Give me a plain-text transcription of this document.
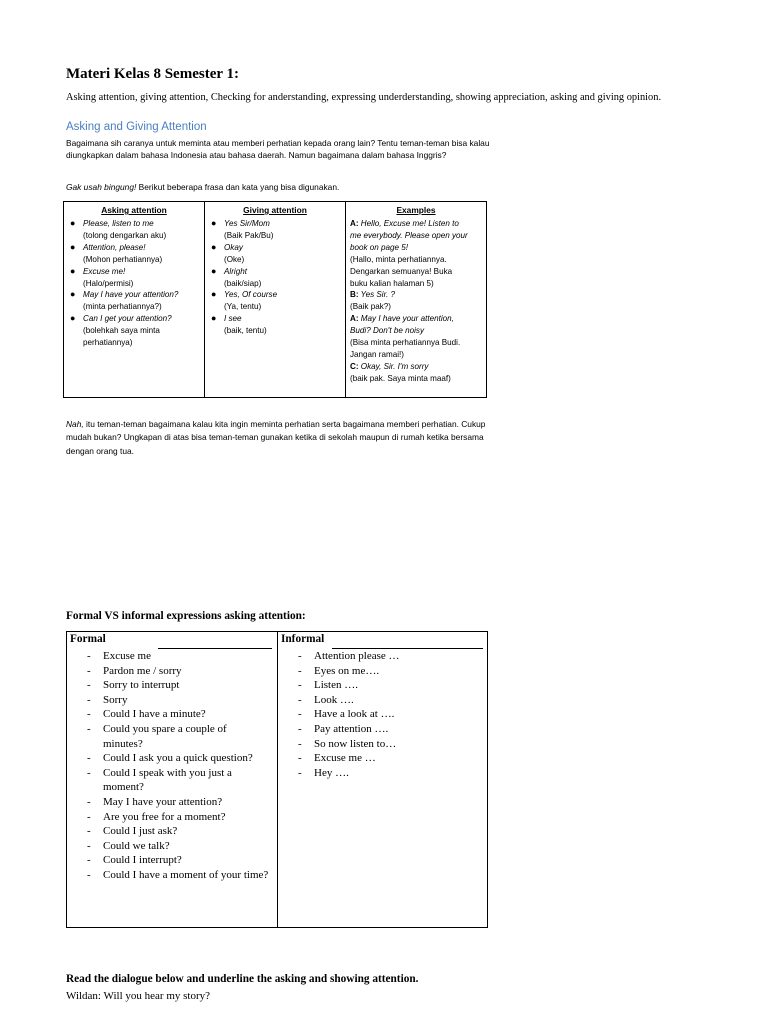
Materi Kelas 8 Semester 1:
Asking attention, giving attention, Checking for anderstanding, expressing underderstanding, showing appreciation, asking and giving opinion.
Asking and Giving Attention
Bagaimana sih caranya untuk meminta atau memberi perhatian kepada orang lain? Tentu teman-teman bisa kalau diungkapkan dalam bahasa Indonesia atau bahasa daerah. Namun bagaimana dalam bahasa Inggris?
Gak usah bingung! Berikut beberapa frasa dan kata yang bisa digunakan.
Asking attention
● Please, listen to me
(tolong dengarkan aku)
● Attention, please!
(Mohon perhatiannya)
● Excuse me!
(Halo/permisi)
● May I have your attention?
(minta perhatiannya?)
● Can I get your attention?
(bolehkah saya minta perhatiannya)
Giving attention
● Yes Sir/Mom
(Baik Pak/Bu)
● Okay
(Oke)
● Alright
(baik/siap)
● Yes, Of course
(Ya, tentu)
● I see
(baik, tentu)
Examples
A: Hello, Excuse me! Listen to
me everybody. Please open your
book on page 5!
(Hallo, minta perhatiannya.
Dengarkan semuanya! Buka
buku kalian halaman 5)
B: Yes Sir. ?
(Baik pak?)
A: May I have your attention,
Budi? Don't be noisy
(Bisa minta perhatiannya Budi.
Jangan ramai!)
C: Okay, Sir. I'm sorry
(baik pak. Saya minta maaf)
Nah, itu teman-teman bagaimana kalau kita ingin meminta perhatian serta bagaimana memberi perhatian. Cukup mudah bukan? Ungkapan di atas bisa teman-teman gunakan ketika di sekolah maupun di rumah ketika bersama dengan orang tua.
Formal VS informal expressions asking attention:
Formal
- Excuse me
- Pardon me / sorry
- Sorry to interrupt
- Sorry
- Could I have a minute?
- Could you spare a couple of minutes?
- Could I ask you a quick question?
- Could I speak with you just a moment?
- May I have your attention?
- Are you free for a moment?
- Could I just ask?
- Could we talk?
- Could I interrupt?
- Could I have a moment of your time?
Informal
- Attention please …
- Eyes on me….
- Listen ….
- Look ….
- Have a look at ….
- Pay attention ….
- So now listen to…
- Excuse me …
- Hey ….
Read the dialogue below and underline the asking and showing attention.
Wildan: Will you hear my story?
